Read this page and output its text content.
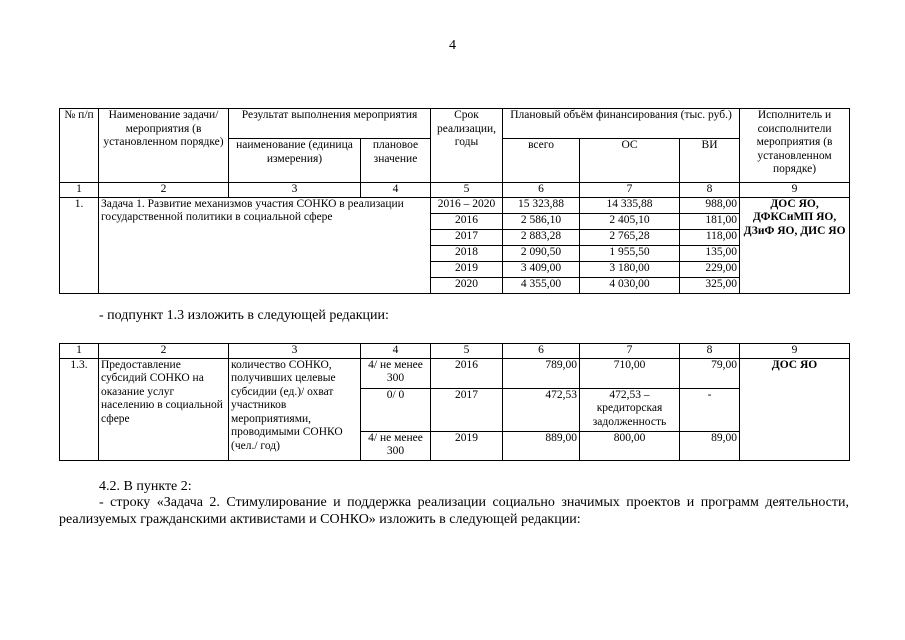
4
№ п/п	Наименование задачи/мероприятия (в установленном порядке)	Результат выполнения мероприятия		Срок реализации, годы	Плановый объём финансирования (тыс. руб.)			Исполнитель и соисполнители мероприятия (в установленном порядке)
		наименование (единица измерения)	плановое значение		всего	ОС	ВИ	
1	2	3	4	5	6	7	8	9
1.	Задача 1. Развитие механизмов участия СОНКО в реализации государственной политики в социальной сфере			2016 – 2020	15 323,88	14 335,88	988,00	ДОС ЯО, ДФКСиМП ЯО, ДЗиФ ЯО, ДИС ЯО
				2016	2 586,10	2 405,10	181,00	
				2017	2 883,28	2 765,28	118,00	
				2018	2 090,50	1 955,50	135,00	
				2019	3 409,00	3 180,00	229,00	
				2020	4 355,00	4 030,00	325,00	
- подпункт 1.3 изложить в следующей редакции:
1	2	3	4	5	6	7	8	9
1.3.	Предоставление субсидий СОНКО на оказание услуг населению в социальной сфере	количество СОНКО, получивших целевые субсидии (ед.)/ охват участников мероприятиями, проводимыми СОНКО (чел./ год)	4/ не менее 300	2016	789,00	710,00	79,00	ДОС ЯО
			0/ 0	2017	472,53	472,53 – кредиторская задолженность	-	
			4/ не менее 300	2019	889,00	800,00	89,00	
4.2. В пункте 2:
- строку «Задача 2. Стимулирование и поддержка реализации социально значимых проектов и программ деятельности, реализуемых гражданскими активистами и СОНКО» изложить в следующей редакции:
